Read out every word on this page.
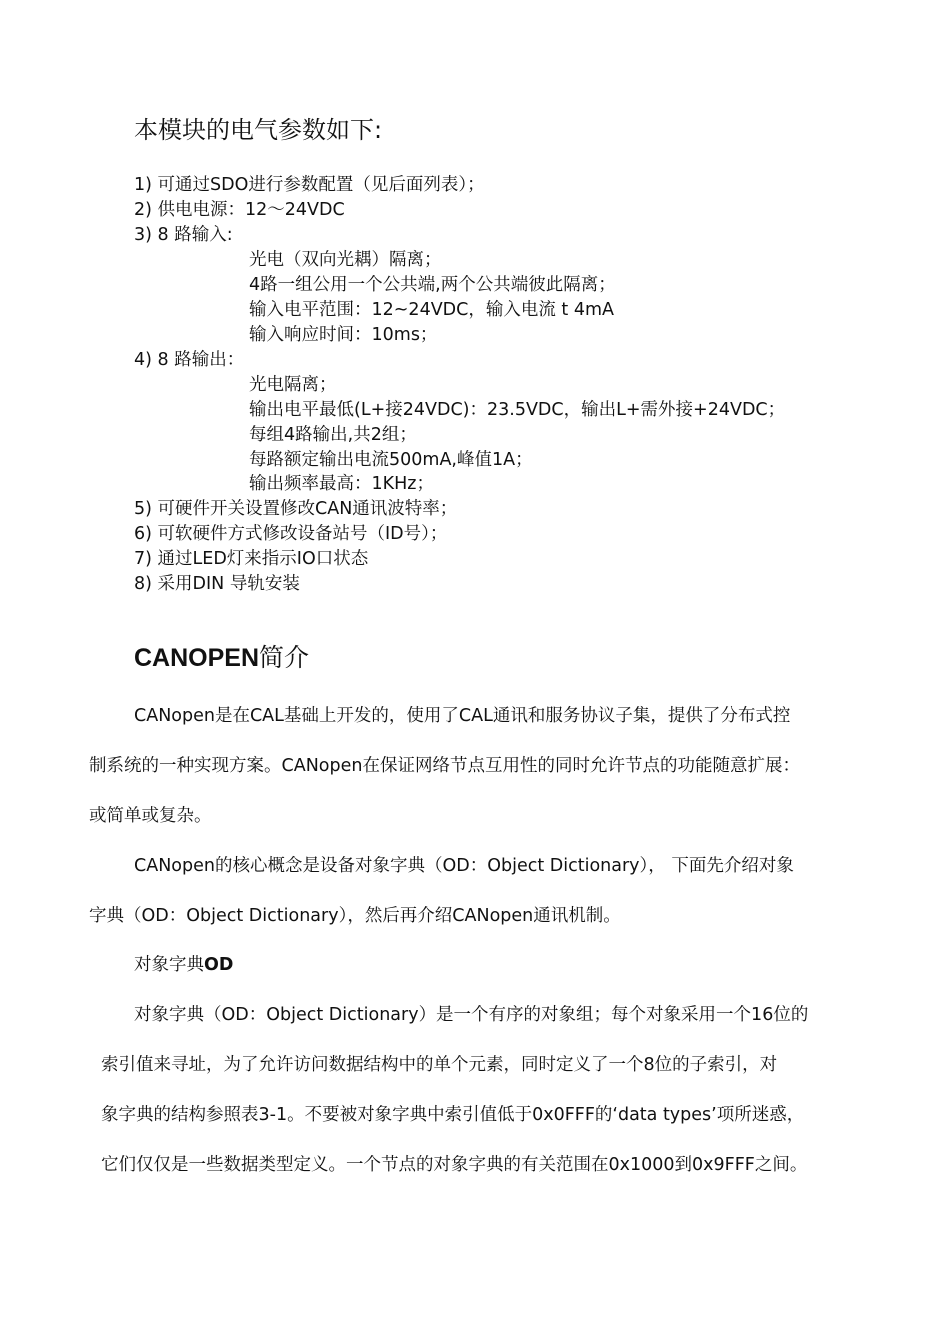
本模块的电气参数如下:
1) 可通过SDO进行参数配置（见后面列表）；
2) 供电电源：12～24VDC
3) 8 路输入:
光电（双向光耦）隔离；
4路一组公用一个公共端,两个公共端彼此隔离；
输入电平范围：12~24VDC，输入电流 t 4mA
输入响应时间：10ms；
4) 8 路输出：
光电隔离；
输出电平最低(L+接24VDC)：23.5VDC，输出L+需外接+24VDC；
每组4路输出,共2组；
每路额定输出电流500mA,峰值1A；
输出频率最高：1KHz；
5) 可硬件开关设置修改CAN通讯波特率；
6) 可软硬件方式修改设备站号（ID号）；
7) 通过LED灯来指示IO口状态
8) 采用DIN 导轨安装
CANOPEN简介
CANopen是在CAL基础上开发的，使用了CAL通讯和服务协议子集，提供了分布式控
制系统的一种实现方案。CANopen在保证网络节点互用性的同时允许节点的功能随意扩展：
或简单或复杂。
CANopen的核心概念是设备对象字典（OD：Object Dictionary）， 下面先介绍对象
字典（OD：Object Dictionary），然后再介绍CANopen通讯机制。
对象字典OD
对象字典（OD：Object Dictionary）是一个有序的对象组；每个对象采用一个16位的
索引值来寻址，为了允许访问数据结构中的单个元素，同时定义了一个8位的子索引，对
象字典的结构参照表3-1。不要被对象字典中索引值低于0x0FFF的‘data types’项所迷惑，
它们仅仅是一些数据类型定义。一个节点的对象字典的有关范围在0x1000到0x9FFF之间。
